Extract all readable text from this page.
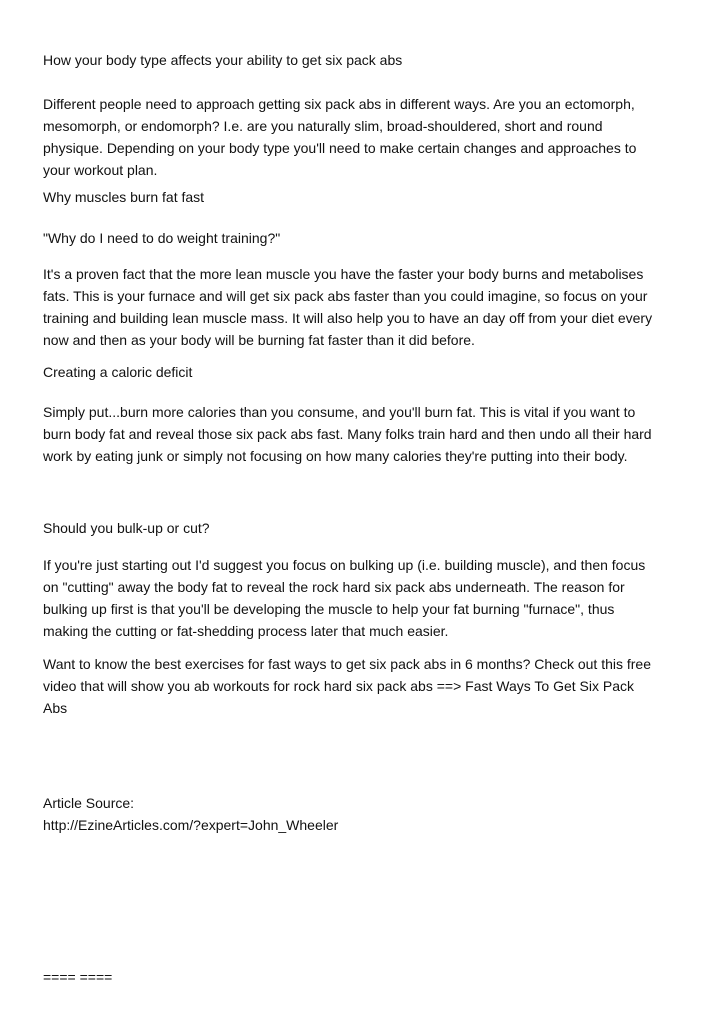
How your body type affects your ability to get six pack abs

Different people need to approach getting six pack abs in different ways. Are you an ectomorph,
mesomorph, or endomorph? I.e. are you naturally slim, broad-shouldered, short and round
physique. Depending on your body type you'll need to make certain changes and approaches to
your workout plan.

Why muscles burn fat fast

"Why do I need to do weight training?"

It's a proven fact that the more lean muscle you have the faster your body burns and metabolises
fats. This is your furnace and will get six pack abs faster than you could imagine, so focus on your
training and building lean muscle mass. It will also help you to have an day off from your diet every
now and then as your body will be burning fat faster than it did before.

Creating a caloric deficit

Simply put...burn more calories than you consume, and you'll burn fat. This is vital if you want to
burn body fat and reveal those six pack abs fast. Many folks train hard and then undo all their hard
work by eating junk or simply not focusing on how many calories they're putting into their body.

Should you bulk-up or cut?

If you're just starting out I'd suggest you focus on bulking up (i.e. building muscle), and then focus
on "cutting" away the body fat to reveal the rock hard six pack abs underneath. The reason for
bulking up first is that you'll be developing the muscle to help your fat burning "furnace", thus
making the cutting or fat-shedding process later that much easier.

Want to know the best exercises for fast ways to get six pack abs in 6 months? Check out this free
video that will show you ab workouts for rock hard six pack abs ==> Fast Ways To Get Six Pack
Abs

Article Source:
http://EzineArticles.com/?expert=John_Wheeler

==== ====
